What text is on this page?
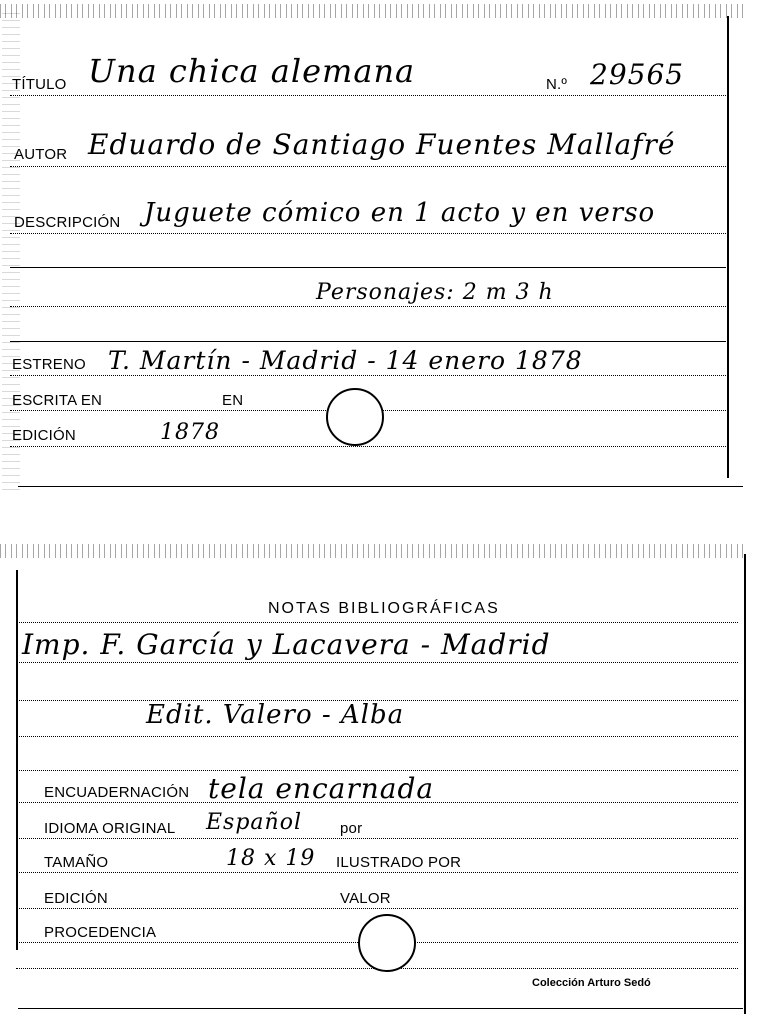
TÍTULO Una chica alemana	N.º 29565
AUTOR Eduardo de Santiago Fuentes Mallafré
DESCRIPCIÓN Juguete cómico en 1 acto y en verso
Personajes: 2 m 3 h
ESTRENO T. Martín - Madrid - 14 enero 1878
ESCRITA EN	EN
EDICIÓN	1878
NOTAS BIBLIOGRÁFICAS
Imp. F. García y Lacavera - Madrid
Edit. Valero - Alba
ENCUADERNACIÓN tela encarnada
IDIOMA ORIGINAL Español	por
TAMAÑO	18 x 19 ILUSTRADO POR
EDICIÓN	VALOR
PROCEDENCIA
Colección Arturo Sedó
